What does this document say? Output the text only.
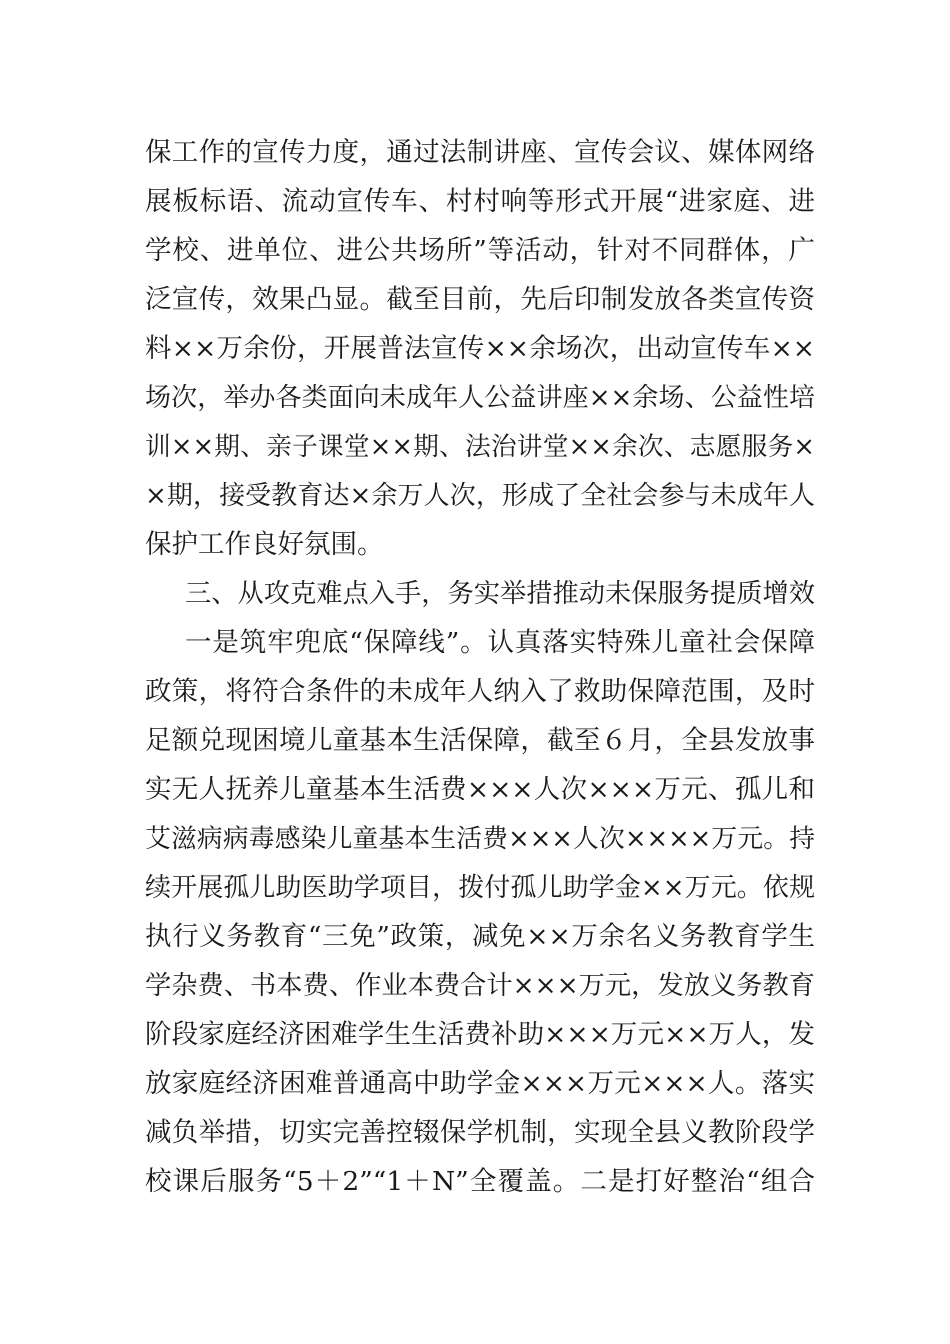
保工作的宣传力度，通过法制讲座、宣传会议、媒体网络
展板标语、流动宣传车、村村响等形式开展“进家庭、进
学校、进单位、进公共场所”等活动，针对不同群体，广
泛宣传，效果凸显。截至目前，先后印制发放各类宣传资
料××万余份，开展普法宣传××余场次，出动宣传车××
场次，举办各类面向未成年人公益讲座××余场、公益性培
训××期、亲子课堂××期、法治讲堂××余次、志愿服务×
×期，接受教育达×余万人次，形成了全社会参与未成年人
保护工作良好氛围。
三、从攻克难点入手，务实举措推动未保服务提质增效
一是筑牢兜底“保障线”。认真落实特殊儿童社会保障
政策，将符合条件的未成年人纳入了救助保障范围，及时
足额兑现困境儿童基本生活保障，截至６月，全县发放事
实无人抚养儿童基本生活费×××人次×××万元、孤儿和
艾滋病病毒感染儿童基本生活费×××人次××××万元。持
续开展孤儿助医助学项目，拨付孤儿助学金××万元。依规
执行义务教育“三免”政策，减免××万余名义务教育学生
学杂费、书本费、作业本费合计×××万元，发放义务教育
阶段家庭经济困难学生生活费补助×××万元××万人，发
放家庭经济困难普通高中助学金×××万元×××人。落实
减负举措，切实完善控辍保学机制，实现全县义教阶段学
校课后服务“5＋2”“1＋N”全覆盖。二是打好整治“组合
